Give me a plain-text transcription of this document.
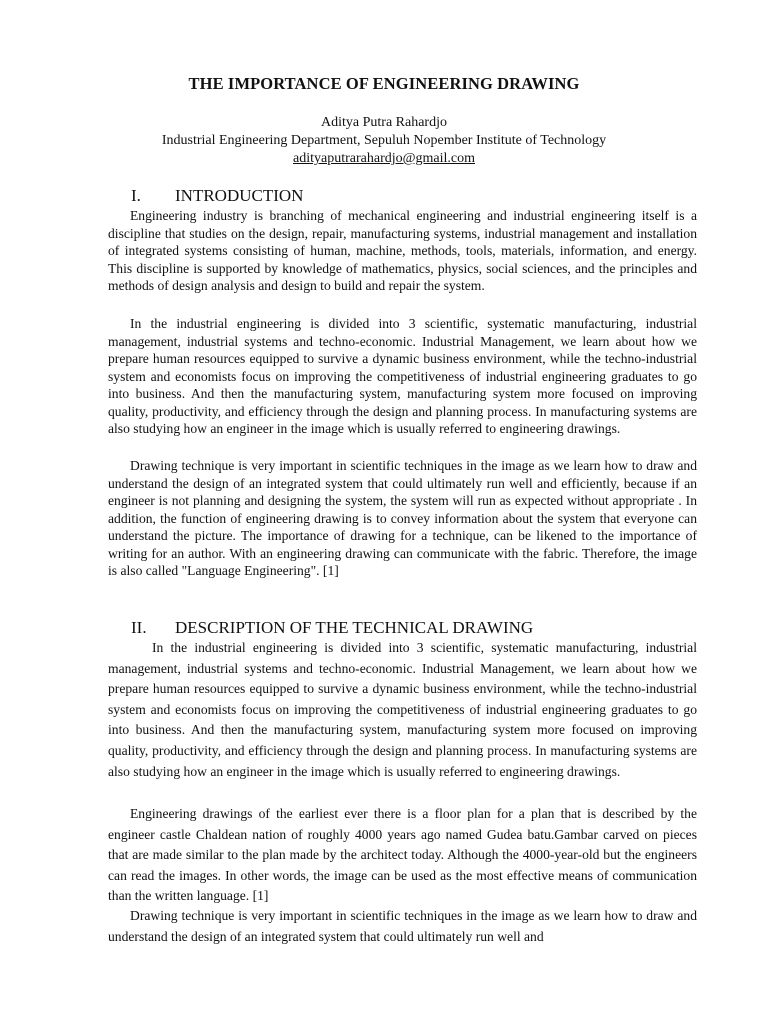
THE IMPORTANCE OF ENGINEERING DRAWING
Aditya Putra Rahardjo
Industrial Engineering Department, Sepuluh Nopember Institute of Technology
adityaputrarahardjo@gmail.com
I. INTRODUCTION

Engineering industry is branching of mechanical engineering and industrial engineering itself is a discipline that studies on the design, repair, manufacturing systems, industrial management and installation of integrated systems consisting of human, machine, methods, tools, materials, information, and energy. This discipline is supported by knowledge of mathematics, physics, social sciences, and the principles and methods of design analysis and design to build and repair the system.

In the industrial engineering is divided into 3 scientific, systematic manufacturing, industrial management, industrial systems and techno-economic. Industrial Management, we learn about how we prepare human resources equipped to survive a dynamic business environment, while the techno-industrial system and economists focus on improving the competitiveness of industrial engineering graduates to go into business. And then the manufacturing system, manufacturing system more focused on improving quality, productivity, and efficiency through the design and planning process. In manufacturing systems are also studying how an engineer in the image which is usually referred to engineering drawings.

Drawing technique is very important in scientific techniques in the image as we learn how to draw and understand the design of an integrated system that could ultimately run well and efficiently, because if an engineer is not planning and designing the system, the system will run as expected without appropriate . In addition, the function of engineering drawing is to convey information about the system that everyone can understand the picture. The importance of drawing for a technique, can be likened to the importance of writing for an author. With an engineering drawing can communicate with the fabric. Therefore, the image is also called "Language Engineering". [1]

II. DESCRIPTION OF THE TECHNICAL DRAWING

In the industrial engineering is divided into 3 scientific, systematic manufacturing, industrial management, industrial systems and techno-economic. Industrial Management, we learn about how we prepare human resources equipped to survive a dynamic business environment, while the techno-industrial system and economists focus on improving the competitiveness of industrial engineering graduates to go into business. And then the manufacturing system, manufacturing system more focused on improving quality, productivity, and efficiency through the design and planning process. In manufacturing systems are also studying how an engineer in the image which is usually referred to engineering drawings.

Engineering drawings of the earliest ever there is a floor plan for a plan that is described by the engineer castle Chaldean nation of roughly 4000 years ago named Gudea batu.Gambar carved on pieces that are made similar to the plan made by the architect today. Although the 4000-year-old but the engineers can read the images. In other words, the image can be used as the most effective means of communication than the written language. [1]

Drawing technique is very important in scientific techniques in the image as we learn how to draw and understand the design of an integrated system that could ultimately run well and
